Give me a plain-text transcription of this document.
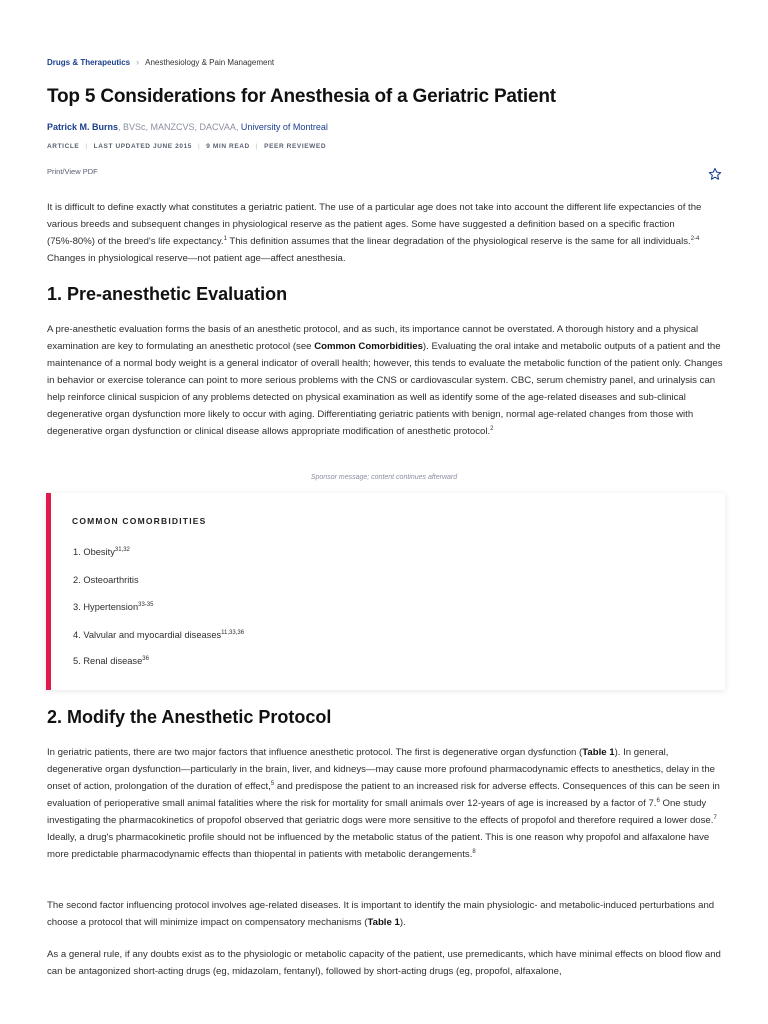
Drugs & Therapeutics › Anesthesiology & Pain Management
Top 5 Considerations for Anesthesia of a Geriatric Patient
Patrick M. Burns, BVSc, MANZCVS, DACVAA, University of Montreal
ARTICLE | LAST UPDATED JUNE 2015 | 9 MIN READ | PEER REVIEWED
Print/View PDF

It is difficult to define exactly what constitutes a geriatric patient. The use of a particular age does not take into account the different life expectancies of the various breeds and subsequent changes in physiological reserve as the patient ages. Some have suggested a definition based on a specific fraction (75%-80%) of the breed's life expectancy.$^1$ This definition assumes that the linear degradation of the physiological reserve is the same for all individuals.$^{2-4}$ Changes in physiological reserve—not patient age—affect anesthesia.

1. Pre-anesthetic Evaluation

A pre-anesthetic evaluation forms the basis of an anesthetic protocol, and as such, its importance cannot be overstated. A thorough history and a physical examination are key to formulating an anesthetic protocol (see Common Comorbidities). Evaluating the oral intake and metabolic outputs of a patient and the maintenance of a normal body weight is a general indicator of overall health; however, this tends to evaluate the metabolic function of the patient only. Changes in behavior or exercise tolerance can point to more serious problems with the CNS or cardiovascular system. CBC, serum chemistry panel, and urinalysis can help reinforce clinical suspicion of any problems detected on physical examination as well as identify some of the age-related diseases and sub-clinical degenerative organ dysfunction more likely to occur with aging. Differentiating geriatric patients with benign, normal age-related changes from those with degenerative organ dysfunction or clinical disease allows appropriate modification of anesthetic protocol.$^2$

Sponsor message; content continues afterward
COMMON COMORBIDITIES
1. Obesity$^{31,32}$
2. Osteoarthritis
3. Hypertension$^{33-35}$
4. Valvular and myocardial diseases$^{11,33,36}$
5. Renal disease$^{36}$
2. Modify the Anesthetic Protocol

In geriatric patients, there are two major factors that influence anesthetic protocol. The first is degenerative organ dysfunction (Table 1). In general, degenerative organ dysfunction—particularly in the brain, liver, and kidneys—may cause more profound pharmacodynamic effects to anesthetics, delay in the onset of action, prolongation of the duration of effect,$^5$ and predispose the patient to an increased risk for adverse effects. Consequences of this can be seen in evaluation of perioperative small animal fatalities where the risk for mortality for small animals over 12-years of age is increased by a factor of 7.$^6$ One study investigating the pharmacokinetics of propofol observed that geriatric dogs were more sensitive to the effects of propofol and therefore required a lower dose.$^7$ Ideally, a drug's pharmacokinetic profile should not be influenced by the metabolic status of the patient. This is one reason why propofol and alfaxalone have more predictable pharmacodynamic effects than thiopental in patients with metabolic derangements.$^8$

The second factor influencing protocol involves age-related diseases. It is important to identify the main physiologic- and metabolic-induced perturbations and choose a protocol that will minimize impact on compensatory mechanisms (Table 1).

As a general rule, if any doubts exist as to the physiologic or metabolic capacity of the patient, use premedicants, which have minimal effects on blood flow and can be antagonized short-acting drugs (eg, midazolam, fentanyl), followed by short-acting drugs (eg, propofol, alfaxalone,
